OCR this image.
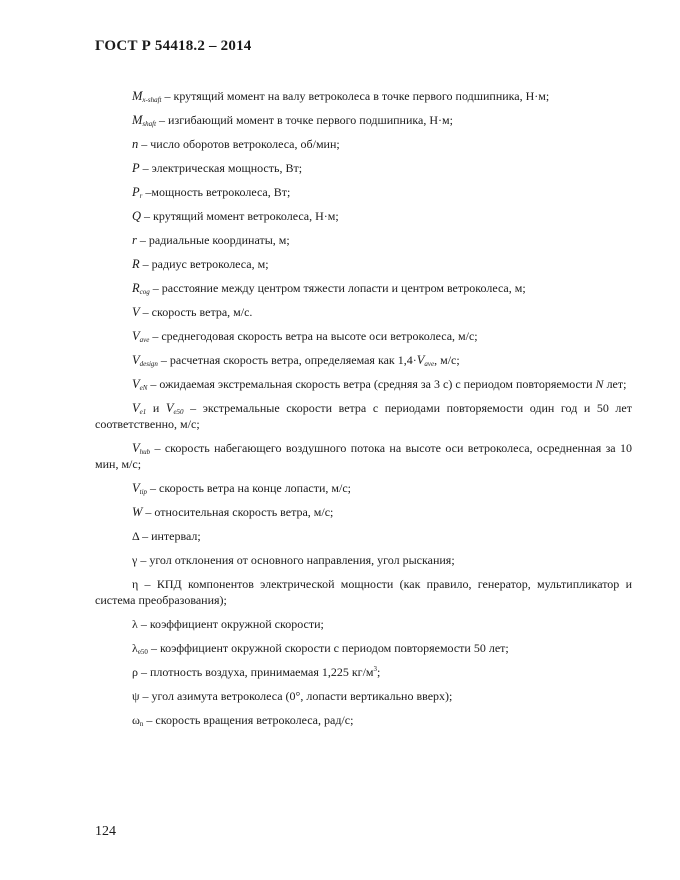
ГОСТ Р 54418.2 – 2014

$M_{x-shaft}$ – крутящий момент на валу ветроколеса в точке первого подшипника, Н·м;

$M_{shaft}$ – изгибающий момент в точке первого подшипника, Н·м;

n – число оборотов ветроколеса, об/мин;

P – электрическая мощность, Вт;

$P_r$ –мощность ветроколеса, Вт;

Q – крутящий момент ветроколеса, Н·м;

r – радиальные координаты, м;

R – радиус ветроколеса, м;

$R_{cog}$ – расстояние между центром тяжести лопасти и центром ветроколеса, м;

V – скорость ветра, м/с.

$V_{ave}$ – среднегодовая скорость ветра на высоте оси ветроколеса, м/с;

$V_{design}$ – расчетная скорость ветра, определяемая как $1,4\cdot V_{ave}$, м/с;

$V_{eN}$ – ожидаемая экстремальная скорость ветра (средняя за 3 с) с периодом повторяемости N лет;

$V_{e1}$ и $V_{e50}$ – экстремальные скорости ветра с периодами повторяемости один год и 50 лет соответственно, м/с;

$V_{hub}$ – скорость набегающего воздушного потока на высоте оси ветроколеса, осредненная за 10 мин, м/с;

$V_{tip}$ – скорость ветра на конце лопасти, м/с;

W – относительная скорость ветра, м/с;

Δ – интервал;

γ – угол отклонения от основного направления, угол рыскания;

η – КПД компонентов электрической мощности (как правило, генератор, мультипликатор и система преобразования);

λ – коэффициент окружной скорости;

$\lambda_{e50}$ – коэффициент окружной скорости с периодом повторяемости 50 лет;

ρ – плотность воздуха, принимаемая 1,225 $кг/м^3$;

ψ – угол азимута ветроколеса (0°, лопасти вертикально вверх);

$\omega_n$ – скорость вращения ветроколеса, рад/с;

124
